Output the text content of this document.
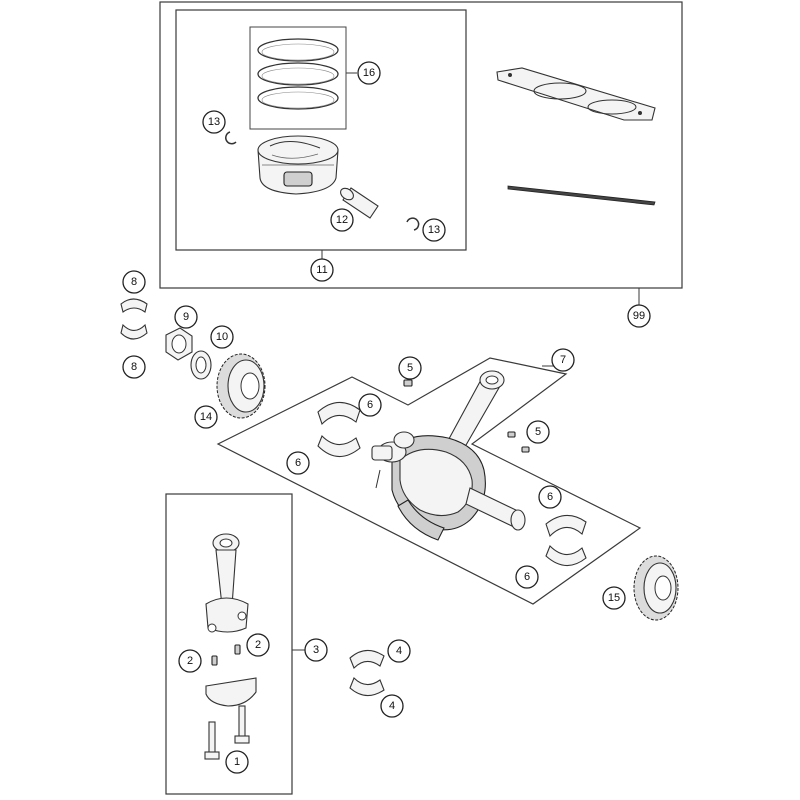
16
13
12
13
11
99
8
8
9
10
14
5
7
6
5
6
6
6
15
3
2
2
4
4
1
